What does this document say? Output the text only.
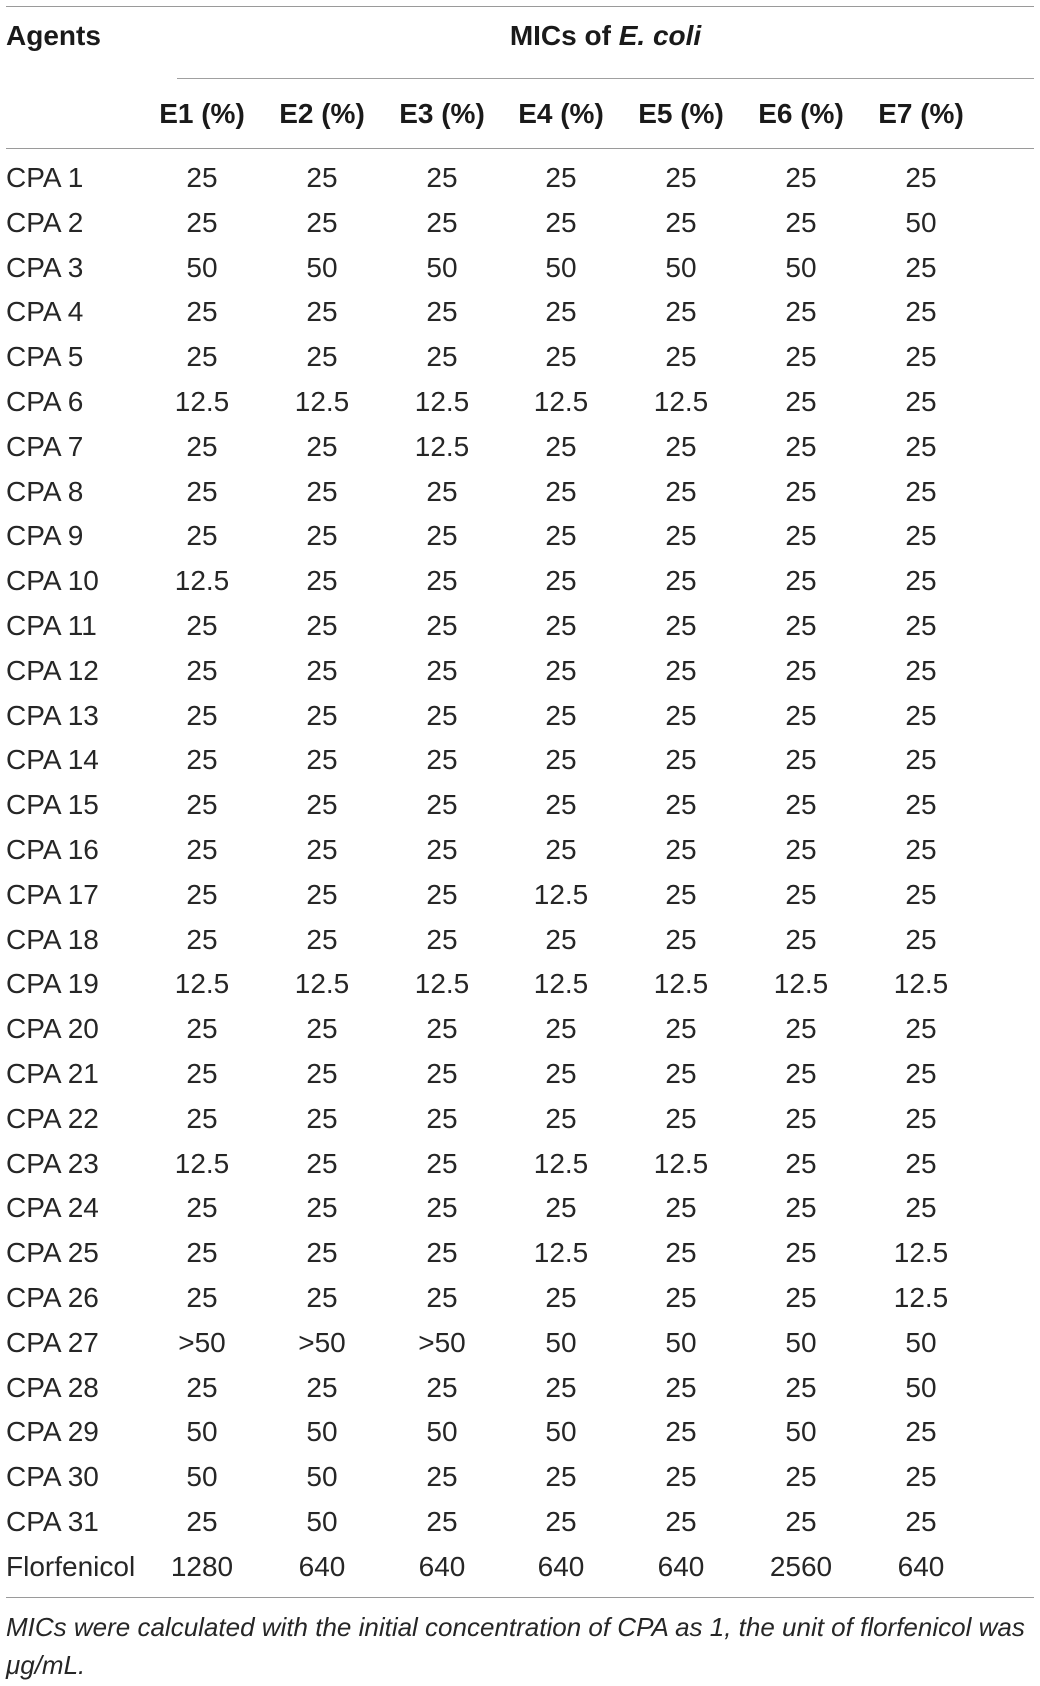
Agents	MICs of E. coli
E1 (%)	E2 (%)	E3 (%)	E4 (%)	E5 (%)	E6 (%)	E7 (%)
CPA 1	25	25	25	25	25	25	25
CPA 2	25	25	25	25	25	25	50
CPA 3	50	50	50	50	50	50	25
CPA 4	25	25	25	25	25	25	25
CPA 5	25	25	25	25	25	25	25
CPA 6	12.5	12.5	12.5	12.5	12.5	25	25
CPA 7	25	25	12.5	25	25	25	25
CPA 8	25	25	25	25	25	25	25
CPA 9	25	25	25	25	25	25	25
CPA 10	12.5	25	25	25	25	25	25
CPA 11	25	25	25	25	25	25	25
CPA 12	25	25	25	25	25	25	25
CPA 13	25	25	25	25	25	25	25
CPA 14	25	25	25	25	25	25	25
CPA 15	25	25	25	25	25	25	25
CPA 16	25	25	25	25	25	25	25
CPA 17	25	25	25	12.5	25	25	25
CPA 18	25	25	25	25	25	25	25
CPA 19	12.5	12.5	12.5	12.5	12.5	12.5	12.5
CPA 20	25	25	25	25	25	25	25
CPA 21	25	25	25	25	25	25	25
CPA 22	25	25	25	25	25	25	25
CPA 23	12.5	25	25	12.5	12.5	25	25
CPA 24	25	25	25	25	25	25	25
CPA 25	25	25	25	12.5	25	25	12.5
CPA 26	25	25	25	25	25	25	12.5
CPA 27	>50	>50	>50	50	50	50	50
CPA 28	25	25	25	25	25	25	50
CPA 29	50	50	50	50	25	50	25
CPA 30	50	50	25	25	25	25	25
CPA 31	25	50	25	25	25	25	25
Florfenicol	1280	640	640	640	640	2560	640
MICs were calculated with the initial concentration of CPA as 1, the unit of florfenicol was μg/mL.
